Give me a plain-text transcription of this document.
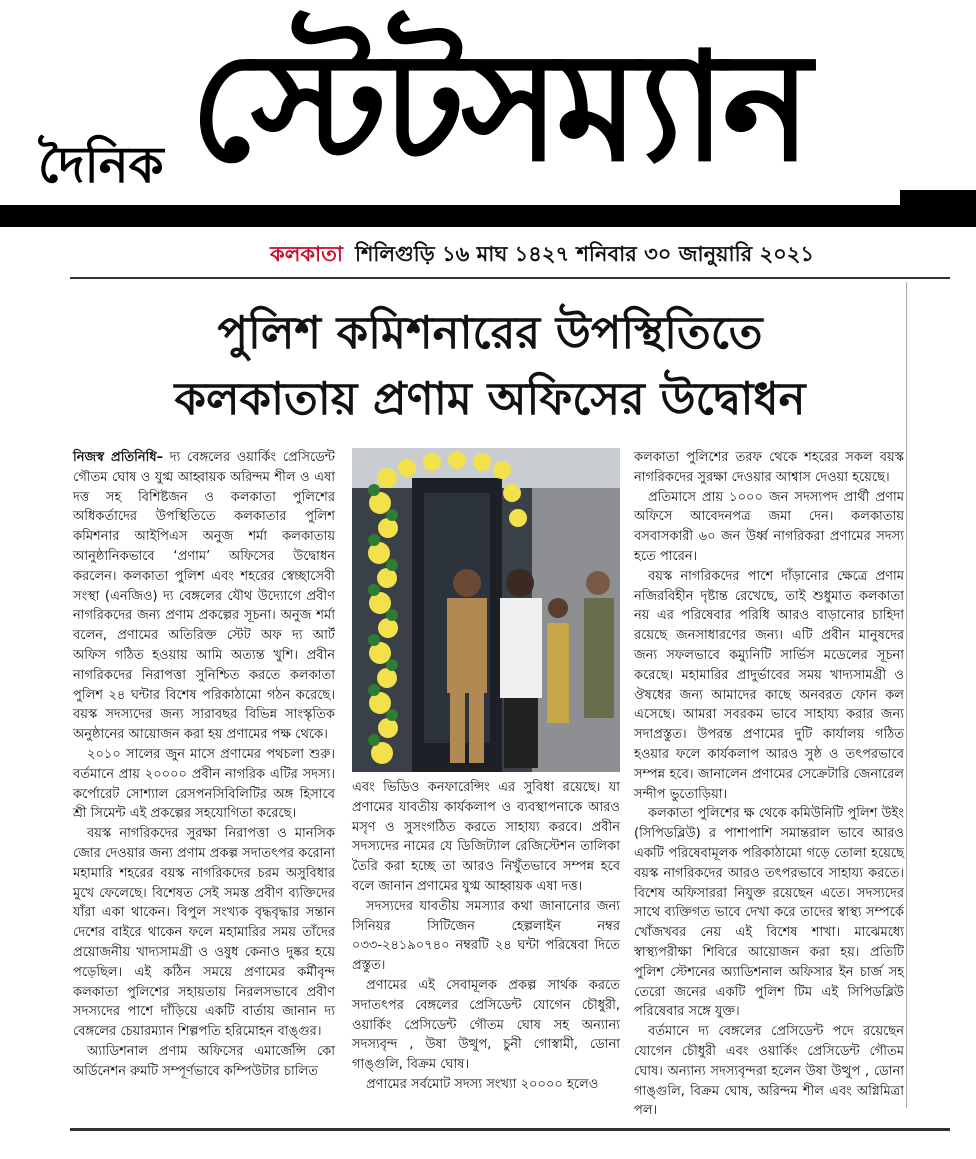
স্টেটসম্যান
দৈনিক
কলকাতা শিলিগুড়ি ১৬ মাঘ ১৪২৭ শনিবার ৩০ জানুয়ারি ২০২১
পুলিশ কমিশনারের উপস্থিতিতে
কলকাতায় প্রণাম অফিসের উদ্বোধন

নিজস্ব প্রতিনিধি– দ্য বেঙ্গলের ওয়ার্কিং প্রেসিডেন্ট গৌতম ঘোষ ও যুগ্ম আহ্বায়ক অরিন্দম শীল ও এষা দত্ত সহ বিশিষ্টজন ও কলকাতা পুলিশের অধিকর্তাদের উপস্থিতিতে কলকাতার পুলিশ কমিশনার আইপিএস অনুজ শর্মা কলকাতায় আনুষ্ঠানিকভাবে ‘প্রণাম’ অফিসের উদ্বোধন করলেন। কলকাতা পুলিশ এবং শহরের স্বেচ্ছাসেবী সংস্থা (এনজিও) দ্য বেঙ্গলের যৌথ উদ্যোগে প্রবীণ নাগরিকদের জন্য প্রণাম প্রকল্পের সূচনা। অনুজ শর্মা বলেন, প্রণামের অতিরিক্ত স্টেট অফ দ্য আর্ট অফিস গঠিত হওয়ায় আমি অত্যন্ত খুশি। প্রবীন নাগরিকদের নিরাপত্তা সুনিশ্চিত করতে কলকাতা পুলিশ ২৪ ঘন্টার বিশেষ পরিকাঠামো গঠন করেছে। বয়স্ক সদস্যদের জন্য সারাবছর বিভিন্ন সাংস্কৃতিক অনুষ্ঠানের আয়োজন করা হয় প্রণামের পক্ষ থেকে।

২০১০ সালের জুন মাসে প্রণামের পথচলা শুরু। বর্তমানে প্রায় ২০০০০ প্রবীন নাগরিক এটির সদস্য। কর্পোরেট সোশ্যাল রেসপনসিবিলিটির অঙ্গ হিসাবে শ্রী সিমেন্ট এই প্রকল্পের সহযোগিতা করেছে।

বয়স্ক নাগরিকদের সুরক্ষা নিরাপত্তা ও মানসিক জোর দেওয়ার জন্য প্রণাম প্রকল্প সদাতৎপর করোনা মহামারি শহরের বয়স্ক নাগরিকদের চরম অসুবিধার মুখে ফেলেছে। বিশেষত সেই সমস্ত প্রবীণ ব্যক্তিদের যাঁরা একা থাকেন। বিপুল সংখ্যক বৃদ্ধবৃদ্ধার সন্তান দেশের বাইরে থাকেন ফলে মহামারির সময় তাঁদের প্রয়োজনীয় খাদ্যসামগ্রী ও ওষুধ কেনাও দুষ্কর হয়ে পড়েছিল। এই কঠিন সময়ে প্রণামের কর্মীবৃন্দ কলকাতা পুলিশের সহায়তায় নিরলসভাবে প্রবীণ সদস্যদের পাশে দাঁড়িয়ে একটি বার্তায় জানান দ্য বেঙ্গলের চেয়ারম্যান শিল্পপতি হরিমোহন বাঙ্গুর।

অ্যাডিশনাল প্রণাম অফিসের এমার্জেন্সি কো অর্ডিনেশন রুমটি সম্পূর্ণভাবে কম্পিউটার চালিত

এবং ভিডিও কনফারেন্সিং এর সুবিধা রয়েছে। যা প্রণামের যাবতীয় কার্যকলাপ ও ব্যবস্থাপনাকে আরও মসৃণ ও সুসংগঠিত করতে সাহায্য করবে। প্রবীন সদস্যদের নামের যে ডিজিট্যাল রেজিস্টেশন তালিকা তৈরি করা হচ্ছে তা আরও নিখুঁতভাবে সম্পন্ন হবে বলে জানান প্রণামের যুগ্ম আহ্বায়ক এষা দত্ত।

সদস্যদের যাবতীয় সমস্যার কথা জানানোর জন্য সিনিয়র সিটিজেন হেল্পলাইন নম্বর ০৩৩-২৪১৯০৭৪০ নম্বরটি ২৪ ঘন্টা পরিষেবা দিতে প্রস্তুত।

প্রণামের এই সেবামূলক প্রকল্প সার্থক করতে সদাতৎপর বেঙ্গলের প্রেসিডেন্ট যোগেন চৌধুরী, ওয়ার্কিং প্রেসিডেন্ট গৌতম ঘোষ সহ অন্যান্য সদস্যবৃন্দ , উষা উত্থুপ, চুনী গোস্বামী, ডোনা গাঙ্গুলি, বিক্রম ঘোষ।

প্রণামের সর্বমোট সদস্য সংখ্যা ২০০০০ হলেও

কলকাতা পুলিশের তরফ থেকে শহরের সকল বয়স্ক নাগরিকদের সুরক্ষা দেওয়ার আশ্বাস দেওয়া হয়েছে।

প্রতিমাসে প্রায় ১০০০ জন সদস্যপদ প্রার্থী প্রণাম অফিসে আবেদনপত্র জমা দেন। কলকাতায় বসবাসকারী ৬০ জন উর্ধ্ব নাগরিকরা প্রণামের সদস্য হতে পারেন।

বয়স্ক নাগরিকদের পাশে দাঁড়ানোর ক্ষেত্রে প্রণাম নজিরবিহীন দৃষ্টান্ত রেখেছে, তাই শুধুমাত কলকাতা নয় এর পরিষেবার পরিধি আরও বাড়ানোর চাহিদা রয়েছে জনসাধারণের জন্য। এটি প্রবীন মানুষদের জন্য সফলভাবে কম্যুনিটি সার্ভিস মডেলের সূচনা করেছে। মহামারির প্রাদুর্ভাবের সময় খাদ্যসামগ্রী ও ঔষধের জন্য আমাদের কাছে অনবরত ফোন কল এসেছে। আমরা সবরকম ভাবে সাহায্য করার জন্য সদাপ্রস্তুত। উপরন্ত প্রণামের দুটি কার্যালয় গঠিত হওয়ার ফলে কার্যকলাপ আরও সুষ্ঠ ও তৎপরভাবে সম্পন্ন হবে। জানালেন প্রণামের সেক্রেটারি জেনারেল সন্দীপ ভুতোড়িয়া।

কলকাতা পুলিশের ক্ষ থেকে কমিউনিটি পুলিশ উইং (সিপিডব্লিউ) র পাশাপাশি সমান্তরাল ভাবে আরও একটি পরিষেবামূলক পরিকাঠামো গড়ে তোলা হয়েছে বয়স্ক নাগরিকদের আরও তৎপরভাবে সাহায্য করতে। বিশেষ অফিসাররা নিযুক্ত রয়েছেন এতে। সদস্যদের সাথে ব্যক্তিগত ভাবে দেখা করে তাদের স্বাস্থ্য সম্পর্কে খোঁজখবর নেয় এই বিশেষ শাখা। মাঝেমধ্যে স্বাস্থ্যপরীক্ষা শিবিরে আয়োজন করা হয়। প্রতিটি পুলিশ স্টেশনের অ্যাডিশনাল অফিসার ইন চার্জ সহ তেরো জনের একটি পুলিশ টিম এই সিপিডব্লিউ পরিষেবার সঙ্গে যুক্ত।

বর্তমানে দ্য বেঙ্গলের প্রেসিডেন্ট পদে রয়েছেন যোগেন চৌধুরী এবং ওয়ার্কিং প্রেসিডেন্ট গৌতম ঘোষ। অন্যান্য সদস্যবৃন্দরা হলেন উষা উত্থুপ , ডোনা গাঙ্গুলি, বিক্রম ঘোষ, অরিন্দম শীল এবং অগ্নিমিত্রা পল।
